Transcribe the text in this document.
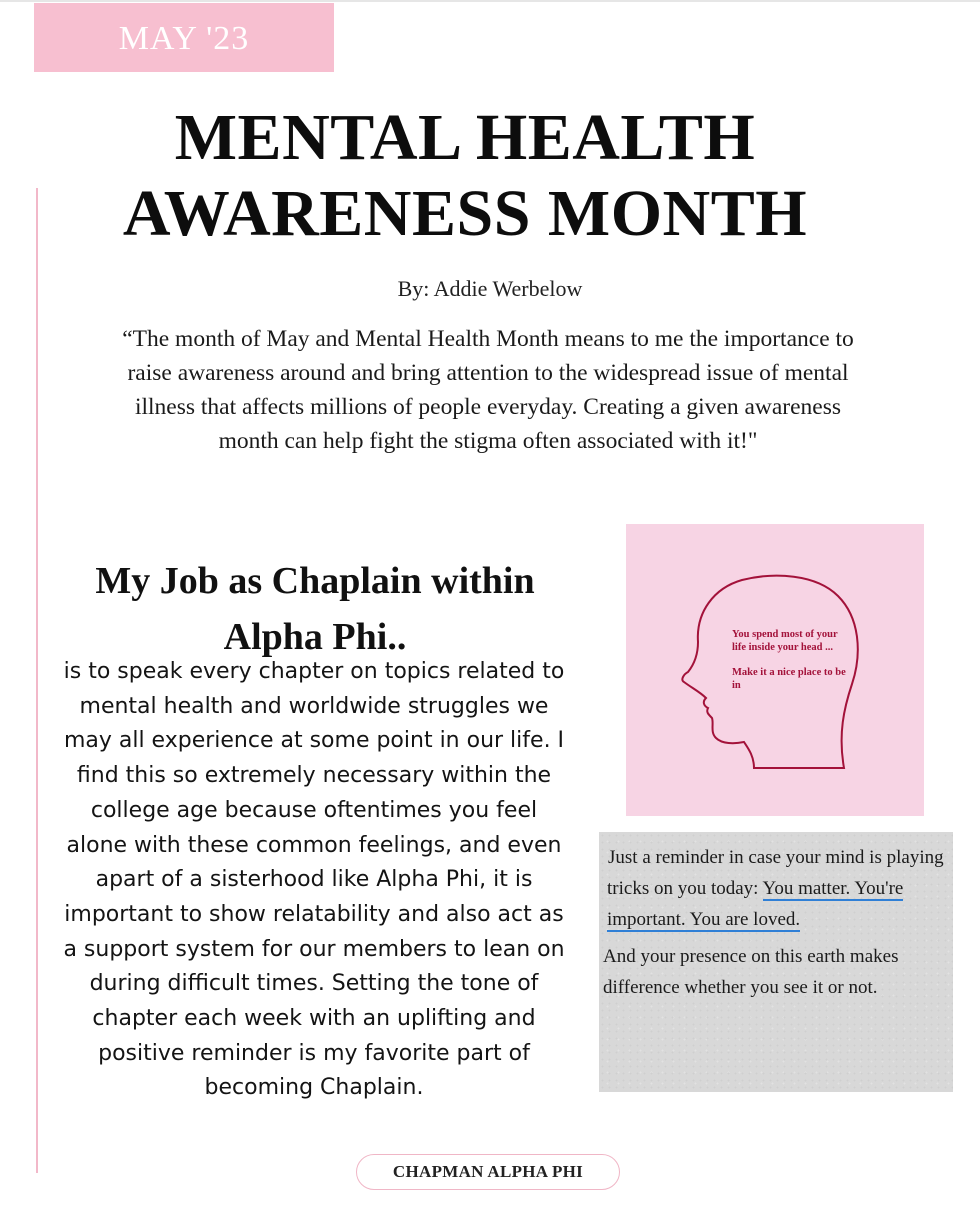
MAY '23
MENTAL HEALTH AWARENESS MONTH
By: Addie Werbelow
“The month of May and Mental Health Month means to me the importance to raise awareness around and bring attention to the widespread issue of mental illness that affects millions of people everyday. Creating a given awareness month can help fight the stigma often associated with it!"
My Job as Chaplain within Alpha Phi..
is to speak every chapter on topics related to mental health and worldwide struggles we may all experience at some point in our life. I find this so extremely necessary within the college age because oftentimes you feel alone with these common feelings, and even apart of a sisterhood like Alpha Phi, it is important to show relatability and also act as a support system for our members to lean on during difficult times. Setting the tone of chapter each week with an uplifting and positive reminder is my favorite part of becoming Chaplain.
You spend most of your life inside your head ...
Make it a nice place to be in
Just a reminder in case your mind is playing tricks on you today: You matter. You're important. You are loved.
And your presence on this earth makes difference whether you see it or not.
CHAPMAN ALPHA PHI
